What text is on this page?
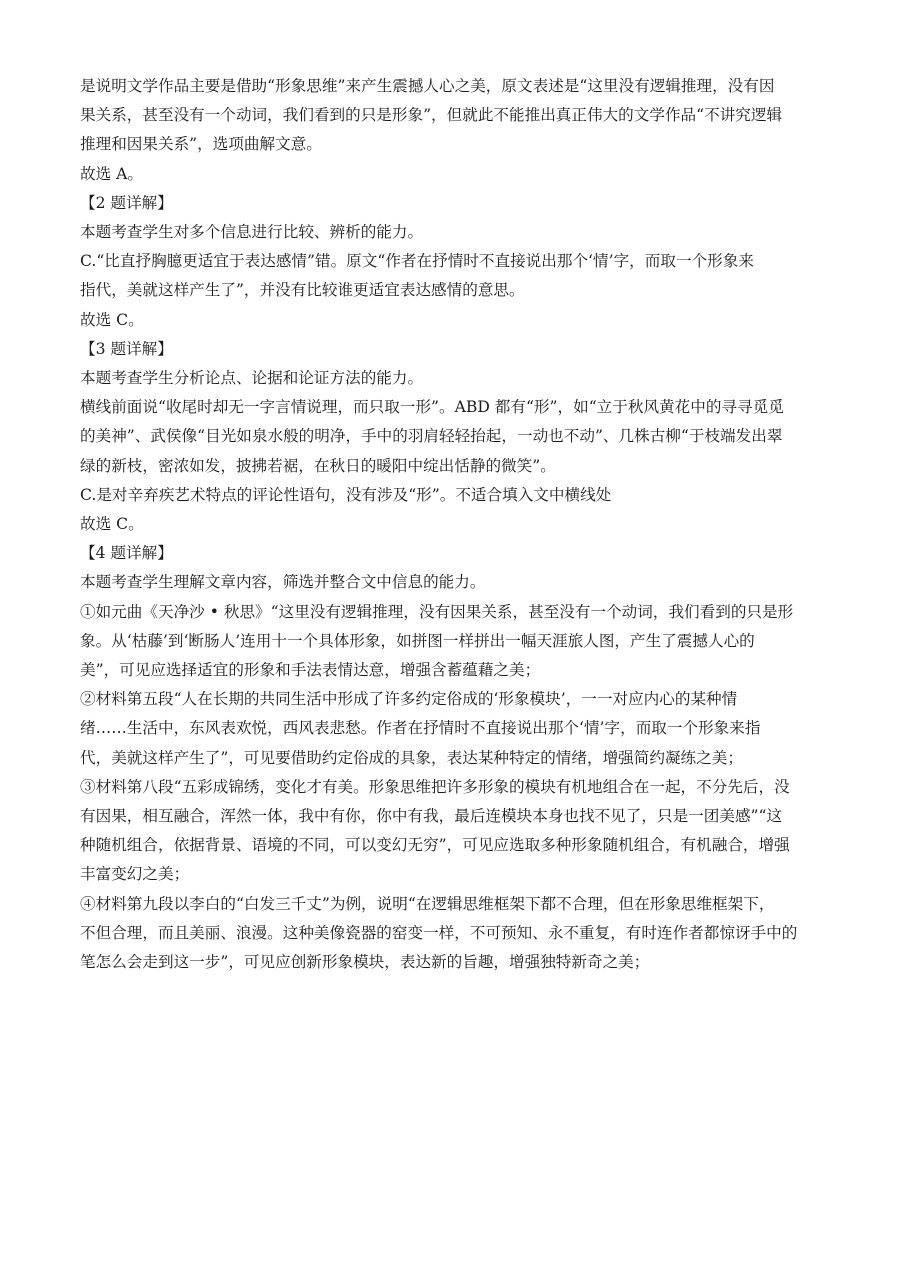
是说明文学作品主要是借助“形象思维”来产生震撼人心之美，原文表述是“这里没有逻辑推理，没有因
果关系，甚至没有一个动词，我们看到的只是形象”，但就此不能推出真正伟大的文学作品“不讲究逻辑
推理和因果关系”，选项曲解文意。
故选 A。
【2 题详解】
本题考查学生对多个信息进行比较、辨析的能力。
C.“比直抒胸臆更适宜于表达感情”错。原文“作者在抒情时不直接说出那个‘情’字，而取一个形象来
指代，美就这样产生了”，并没有比较谁更适宜表达感情的意思。
故选 C。
【3 题详解】
本题考查学生分析论点、论据和论证方法的能力。
横线前面说“收尾时却无一字言情说理，而只取一形”。ABD 都有“形”，如“立于秋风黄花中的寻寻觅觅
的美神”、武侯像“目光如泉水般的明净，手中的羽肩轻轻抬起，一动也不动”、几株古柳“于枝端发出翠
绿的新枝，密浓如发，披拂若裾，在秋日的暖阳中绽出恬静的微笑”。
C.是对辛弃疾艺术特点的评论性语句，没有涉及“形”。不适合填入文中横线处
故选 C。
【4 题详解】
本题考查学生理解文章内容，筛选并整合文中信息的能力。
①如元曲《天净沙 • 秋思》“这里没有逻辑推理，没有因果关系，甚至没有一个动词，我们看到的只是形
象。从‘枯藤’到‘断肠人’连用十一个具体形象，如拼图一样拼出一幅天涯旅人图，产生了震撼人心的
美”，可见应选择适宜的形象和手法表情达意，增强含蓄蕴藉之美；
②材料第五段“人在长期的共同生活中形成了许多约定俗成的‘形象模块’，一一对应内心的某种情
绪……生活中，东风表欢悦，西风表悲愁。作者在抒情时不直接说出那个‘情’字，而取一个形象来指
代，美就这样产生了”，可见要借助约定俗成的具象，表达某种特定的情绪，增强简约凝练之美；
③材料第八段“五彩成锦绣，变化才有美。形象思维把许多形象的模块有机地组合在一起，不分先后，没
有因果，相互融合，浑然一体，我中有你，你中有我，最后连模块本身也找不见了，只是一团美感”“这
种随机组合，依据背景、语境的不同，可以变幻无穷”，可见应选取多种形象随机组合，有机融合，增强
丰富变幻之美；
④材料第九段以李白的“白发三千丈”为例，说明“在逻辑思维框架下都不合理，但在形象思维框架下，
不但合理，而且美丽、浪漫。这种美像瓷器的窑变一样，不可预知、永不重复，有时连作者都惊讶手中的
笔怎么会走到这一步”，可见应创新形象模块，表达新的旨趣，增强独特新奇之美；
